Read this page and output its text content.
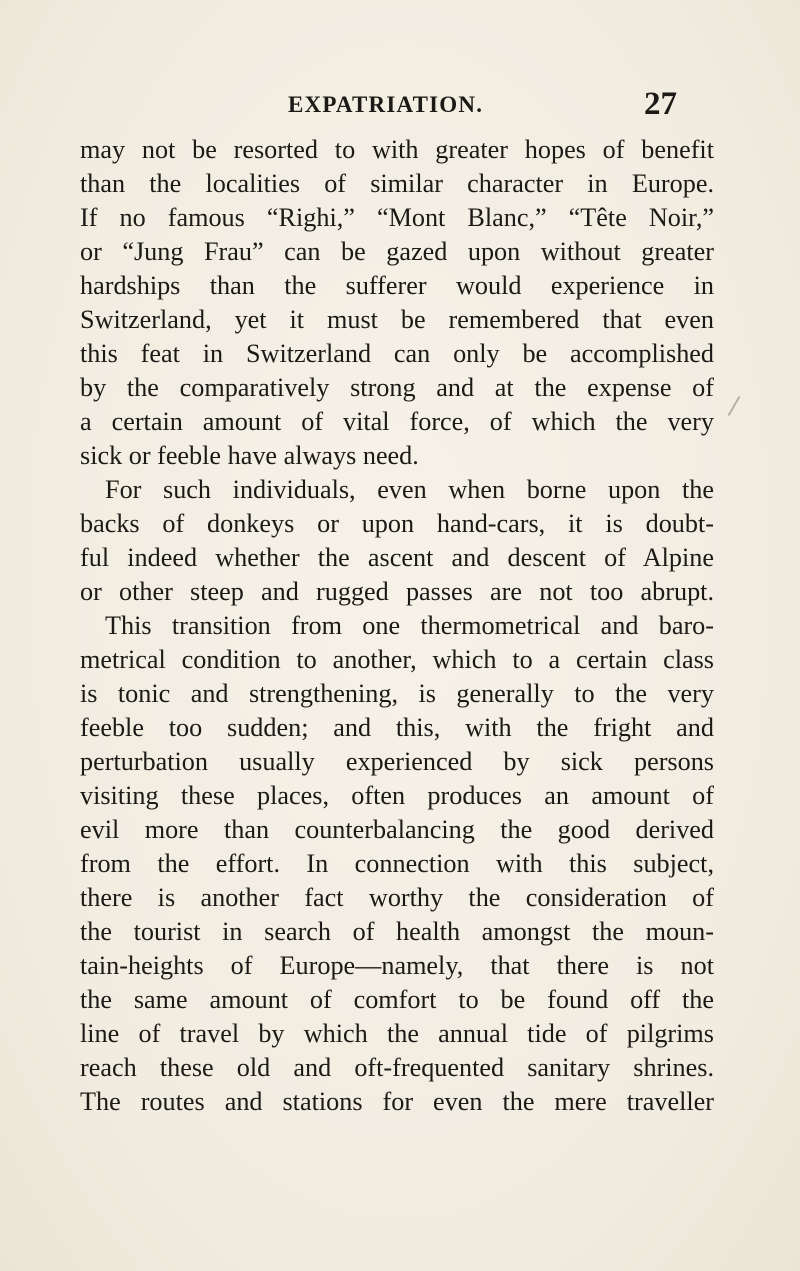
EXPATRIATION.	27
may not be resorted to with greater hopes of benefit
than the localities of similar character in Europe.
If no famous “Righi,” “Mont Blanc,” “Tête Noir,”
or “Jung Frau” can be gazed upon without greater
hardships than the sufferer would experience in
Switzerland, yet it must be remembered that even
this feat in Switzerland can only be accomplished
by the comparatively strong and at the expense of
a certain amount of vital force, of which the very
sick or feeble have always need.
For such individuals, even when borne upon the
backs of donkeys or upon hand-cars, it is doubt-
ful indeed whether the ascent and descent of Alpine
or other steep and rugged passes are not too abrupt.
This transition from one thermometrical and baro-
metrical condition to another, which to a certain class
is tonic and strengthening, is generally to the very
feeble too sudden; and this, with the fright and
perturbation usually experienced by sick persons
visiting these places, often produces an amount of
evil more than counterbalancing the good derived
from the effort. In connection with this subject,
there is another fact worthy the consideration of
the tourist in search of health amongst the moun-
tain-heights of Europe—namely, that there is not
the same amount of comfort to be found off the
line of travel by which the annual tide of pilgrims
reach these old and oft-frequented sanitary shrines.
The routes and stations for even the mere traveller
